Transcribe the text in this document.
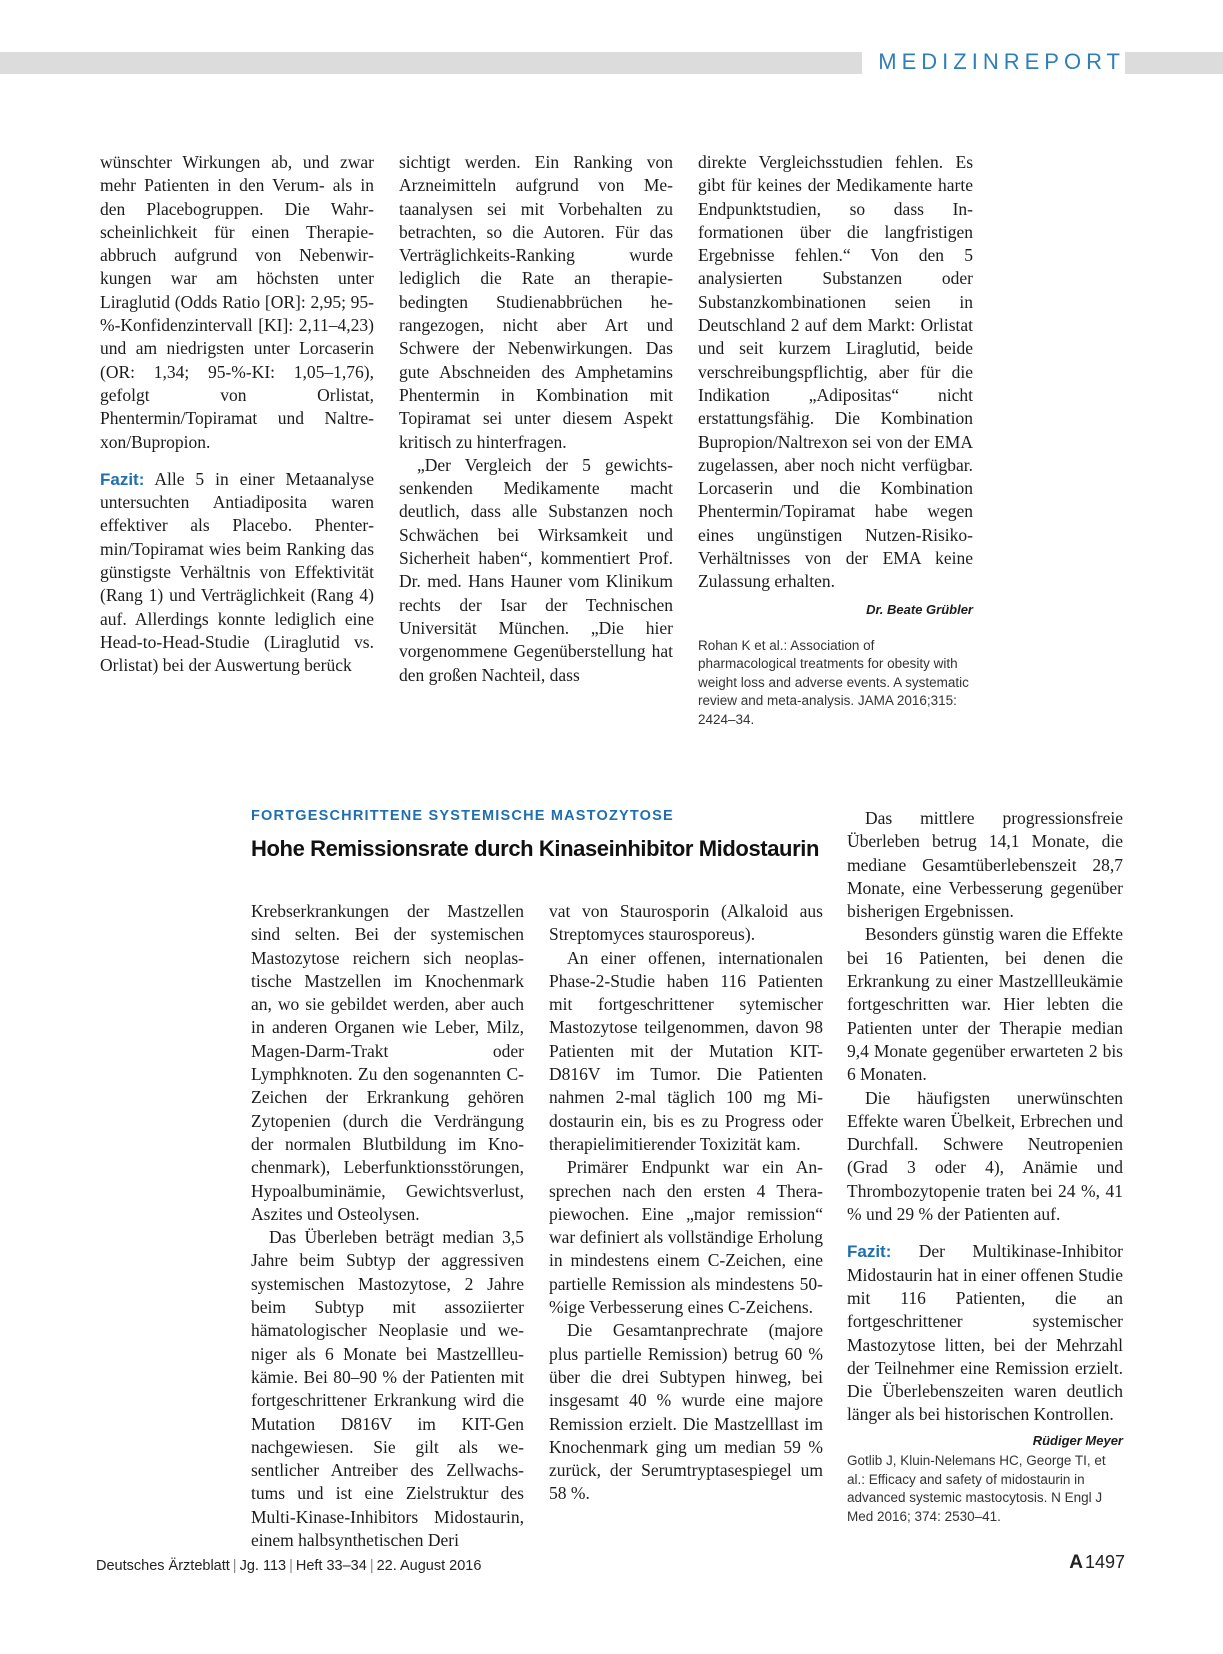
MEDIZINREPORT

wünschter Wirkungen ab, und zwar mehr Patienten in den Verum- als in den Placebogruppen. Die Wahrscheinlichkeit für einen Therapieabbruch aufgrund von Nebenwirkungen war am höchsten unter Liraglutid (Odds Ratio [OR]: 2,95; 95-%-Konfidenzintervall [KI]: 2,11–4,23) und am niedrigsten unter Lorcaserin (OR: 1,34; 95-%-KI: 1,05–1,76), gefolgt von Orlistat, Phentermin/Topiramat und Naltrexon/Bupropion.

Fazit: Alle 5 in einer Metaanalyse untersuchten Antiadiposita waren effektiver als Placebo. Phentermin/Topiramat wies beim Ranking das günstigste Verhältnis von Effektivität (Rang 1) und Verträglichkeit (Rang 4) auf. Allerdings konnte lediglich eine Head-to-Head-Studie (Liraglutid vs. Orlistat) bei der Auswertung berück

sichtigt werden. Ein Ranking von Arzneimitteln aufgrund von Metaanalysen sei mit Vorbehalten zu betrachten, so die Autoren. Für das Verträglichkeits-Ranking wurde lediglich die Rate an therapiebedingten Studienabbrüchen herangezogen, nicht aber Art und Schwere der Nebenwirkungen. Das gute Abschneiden des Amphetamins Phentermin in Kombination mit Topiramat sei unter diesem Aspekt kritisch zu hinterfragen.

„Der Vergleich der 5 gewichtssenkenden Medikamente macht deutlich, dass alle Substanzen noch Schwächen bei Wirksamkeit und Sicherheit haben“, kommentiert Prof. Dr. med. Hans Hauner vom Klinikum rechts der Isar der Technischen Universität München. „Die hier vorgenommene Gegenüberstellung hat den großen Nachteil, dass

direkte Vergleichsstudien fehlen. Es gibt für keines der Medikamente harte Endpunktstudien, so dass Informationen über die langfristigen Ergebnisse fehlen.“ Von den 5 analysierten Substanzen oder Substanzkombinationen seien in Deutschland 2 auf dem Markt: Orlistat und seit kurzem Liraglutid, beide verschreibungspflichtig, aber für die Indikation „Adipositas“ nicht erstattungsfähig. Die Kombination Bupropion/Naltrexon sei von der EMA zugelassen, aber noch nicht verfügbar. Lorcaserin und die Kombination Phentermin/Topiramat habe wegen eines ungünstigen Nutzen-Risiko-Verhältnisses von der EMA keine Zulassung erhalten.

Dr. Beate Grübler
Rohan K et al.: Association of pharmacological treatments for obesity with weight loss and adverse events. A systematic review and meta-analysis. JAMA 2016;315: 2424–34.
FORTGESCHRITTENE SYSTEMISCHE MASTOZYTOSE
Hohe Remissionsrate durch Kinaseinhibitor Midostaurin

Krebserkrankungen der Mastzellen sind selten. Bei der systemischen Mastozytose reichern sich neoplastische Mastzellen im Knochenmark an, wo sie gebildet werden, aber auch in anderen Organen wie Leber, Milz, Magen-Darm-Trakt oder Lymphknoten. Zu den sogenannten C-Zeichen der Erkrankung gehören Zytopenien (durch die Verdrängung der normalen Blutbildung im Knochenmark), Leberfunktionsstörungen, Hypoalbuminämie, Gewichtsverlust, Aszites und Osteolysen.

Das Überleben beträgt median 3,5 Jahre beim Subtyp der aggressiven systemischen Mastozytose, 2 Jahre beim Subtyp mit assoziierter hämatologischer Neoplasie und weniger als 6 Monate bei Mastzellleukämie. Bei 80–90 % der Patienten mit fortgeschrittener Erkrankung wird die Mutation D816V im KIT-Gen nachgewiesen. Sie gilt als wesentlicher Antreiber des Zellwachstums und ist eine Zielstruktur des Multi-Kinase-Inhibitors Midostaurin, einem halbsynthetischen Deri

vat von Staurosporin (Alkaloid aus Streptomyces staurosporeus).

An einer offenen, internationalen Phase-2-Studie haben 116 Patienten mit fortgeschrittener sytemischer Mastozytose teilgenommen, davon 98 Patienten mit der Mutation KIT-D816V im Tumor. Die Patienten nahmen 2-mal täglich 100 mg Midostaurin ein, bis es zu Progress oder therapielimitierender Toxizität kam.

Primärer Endpunkt war ein Ansprechen nach den ersten 4 Therapiewochen. Eine „major remission“ war definiert als vollständige Erholung in mindestens einem C-Zeichen, eine partielle Remission als mindestens 50-%ige Verbesserung eines C-Zeichens.

Die Gesamtanprechrate (majore plus partielle Remission) betrug 60 % über die drei Subtypen hinweg, bei insgesamt 40 % wurde eine majore Remission erzielt. Die Mastzelllast im Knochenmark ging um median 59 % zurück, der Serumtryptasespiegel um 58 %.

Das mittlere progressionsfreie Überleben betrug 14,1 Monate, die mediane Gesamtüberlebenszeit 28,7 Monate, eine Verbesserung gegenüber bisherigen Ergebnissen.

Besonders günstig waren die Effekte bei 16 Patienten, bei denen die Erkrankung zu einer Mastzellleukämie fortgeschritten war. Hier lebten die Patienten unter der Therapie median 9,4 Monate gegenüber erwarteten 2 bis 6 Monaten.

Die häufigsten unerwünschten Effekte waren Übelkeit, Erbrechen und Durchfall. Schwere Neutropenien (Grad 3 oder 4), Anämie und Thrombozytopenie traten bei 24 %, 41 % und 29 % der Patienten auf.

Fazit: Der Multikinase-Inhibitor Midostaurin hat in einer offenen Studie mit 116 Patienten, die an fortgeschrittener systemischer Mastozytose litten, bei der Mehrzahl der Teilnehmer eine Remission erzielt. Die Überlebenszeiten waren deutlich länger als bei historischen Kontrollen.
Rüdiger Meyer

Gotlib J, Kluin-Nelemans HC, George TI, et al.: Efficacy and safety of midostaurin in advanced systemic mastocytosis. N Engl J Med 2016; 374: 2530–41.
Deutsches Ärzteblatt | Jg. 113 | Heft 33–34 | 22. August 2016	A 1497
